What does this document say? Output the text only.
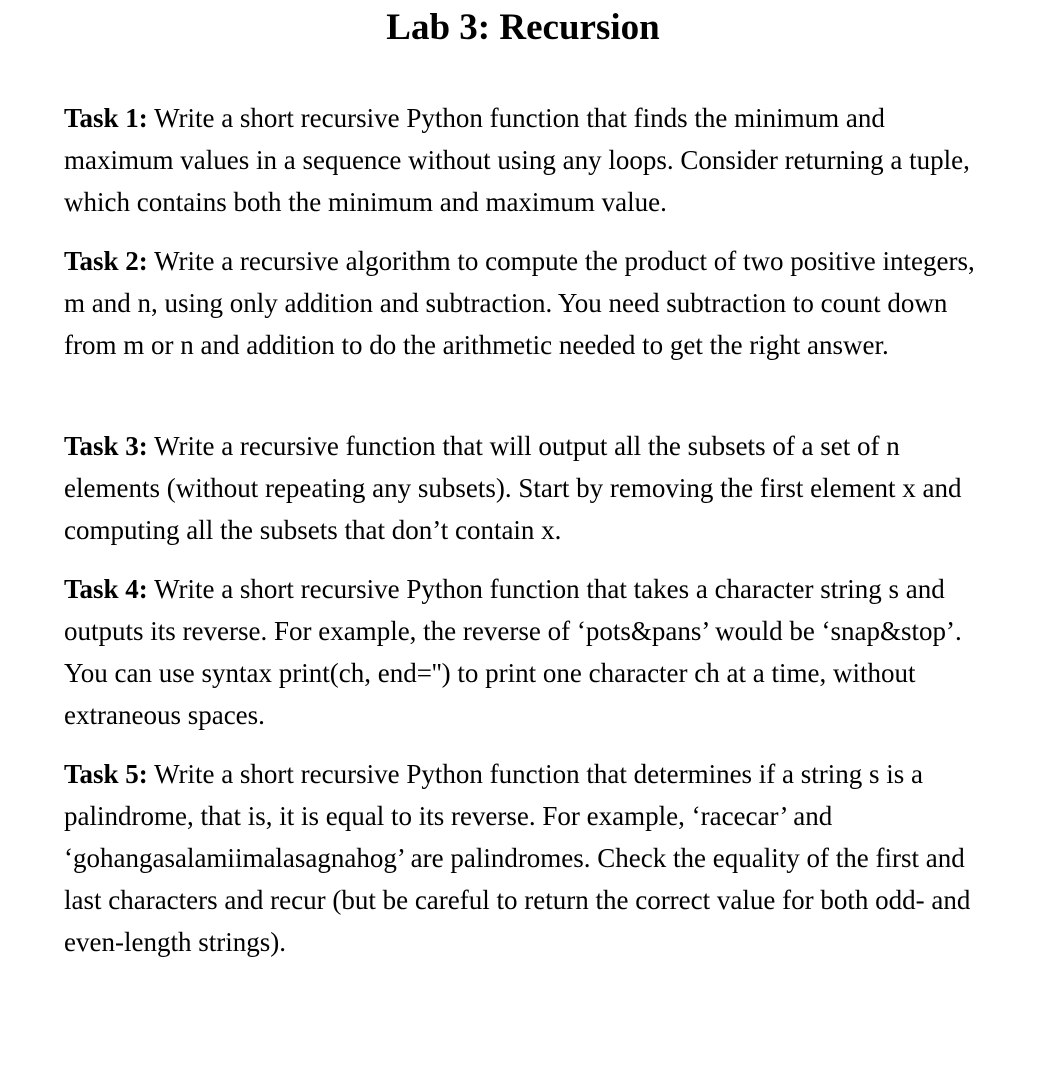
Lab 3: Recursion

Task 1: Write a short recursive Python function that finds the minimum and maximum values in a sequence without using any loops. Consider returning a tuple, which contains both the minimum and maximum value.

Task 2: Write a recursive algorithm to compute the product of two positive integers, m and n, using only addition and subtraction. You need subtraction to count down from m or n and addition to do the arithmetic needed to get the right answer.

Task 3: Write a recursive function that will output all the subsets of a set of n elements (without repeating any subsets). Start by removing the first element x and computing all the subsets that don’t contain x.

Task 4: Write a short recursive Python function that takes a character string s and outputs its reverse. For example, the reverse of ‘pots&pans’ would be ‘snap&stop’. You can use syntax print(ch, end='') to print one character ch at a time, without extraneous spaces.

Task 5: Write a short recursive Python function that determines if a string s is a palindrome, that is, it is equal to its reverse. For example, ‘racecar’ and ‘gohangasalamiimalasagnahog’ are palindromes. Check the equality of the first and last characters and recur (but be careful to return the correct value for both odd- and even-length strings).
